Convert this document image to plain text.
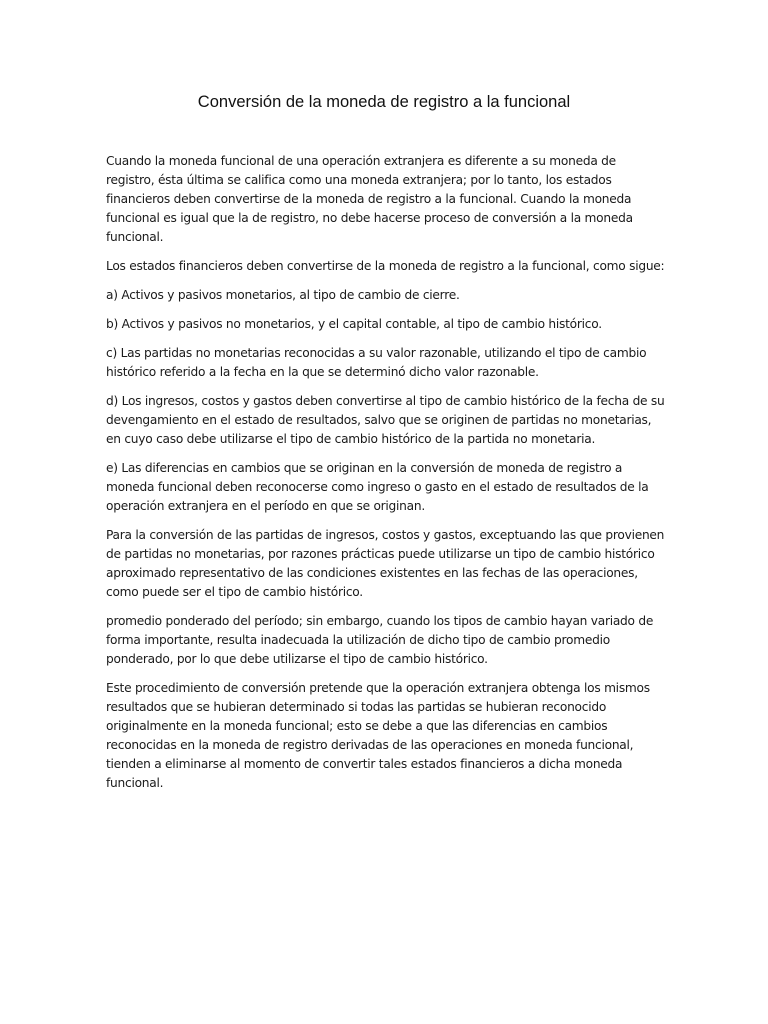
Conversión de la moneda de registro a la funcional

Cuando la moneda funcional de una operación extranjera es diferente a su moneda de registro, ésta última se califica como una moneda extranjera; por lo tanto, los estados financieros deben convertirse de la moneda de registro a la funcional. Cuando la moneda funcional es igual que la de registro, no debe hacerse proceso de conversión a la moneda funcional.

Los estados financieros deben convertirse de la moneda de registro a la funcional, como sigue:

a) Activos y pasivos monetarios, al tipo de cambio de cierre.

b) Activos y pasivos no monetarios, y el capital contable, al tipo de cambio histórico.

c) Las partidas no monetarias reconocidas a su valor razonable, utilizando el tipo de cambio histórico referido a la fecha en la que se determinó dicho valor razonable.

d) Los ingresos, costos y gastos deben convertirse al tipo de cambio histórico de la fecha de su devengamiento en el estado de resultados, salvo que se originen de partidas no monetarias, en cuyo caso debe utilizarse el tipo de cambio histórico de la partida no monetaria.

e) Las diferencias en cambios que se originan en la conversión de moneda de registro a moneda funcional deben reconocerse como ingreso o gasto en el estado de resultados de la operación extranjera en el período en que se originan.

Para la conversión de las partidas de ingresos, costos y gastos, exceptuando las que provienen de partidas no monetarias, por razones prácticas puede utilizarse un tipo de cambio histórico aproximado representativo de las condiciones existentes en las fechas de las operaciones, como puede ser el tipo de cambio histórico.

promedio ponderado del período; sin embargo, cuando los tipos de cambio hayan variado de forma importante, resulta inadecuada la utilización de dicho tipo de cambio promedio ponderado, por lo que debe utilizarse el tipo de cambio histórico.

Este procedimiento de conversión pretende que la operación extranjera obtenga los mismos resultados que se hubieran determinado si todas las partidas se hubieran reconocido originalmente en la moneda funcional; esto se debe a que las diferencias en cambios reconocidas en la moneda de registro derivadas de las operaciones en moneda funcional, tienden a eliminarse al momento de convertir tales estados financieros a dicha moneda funcional.
